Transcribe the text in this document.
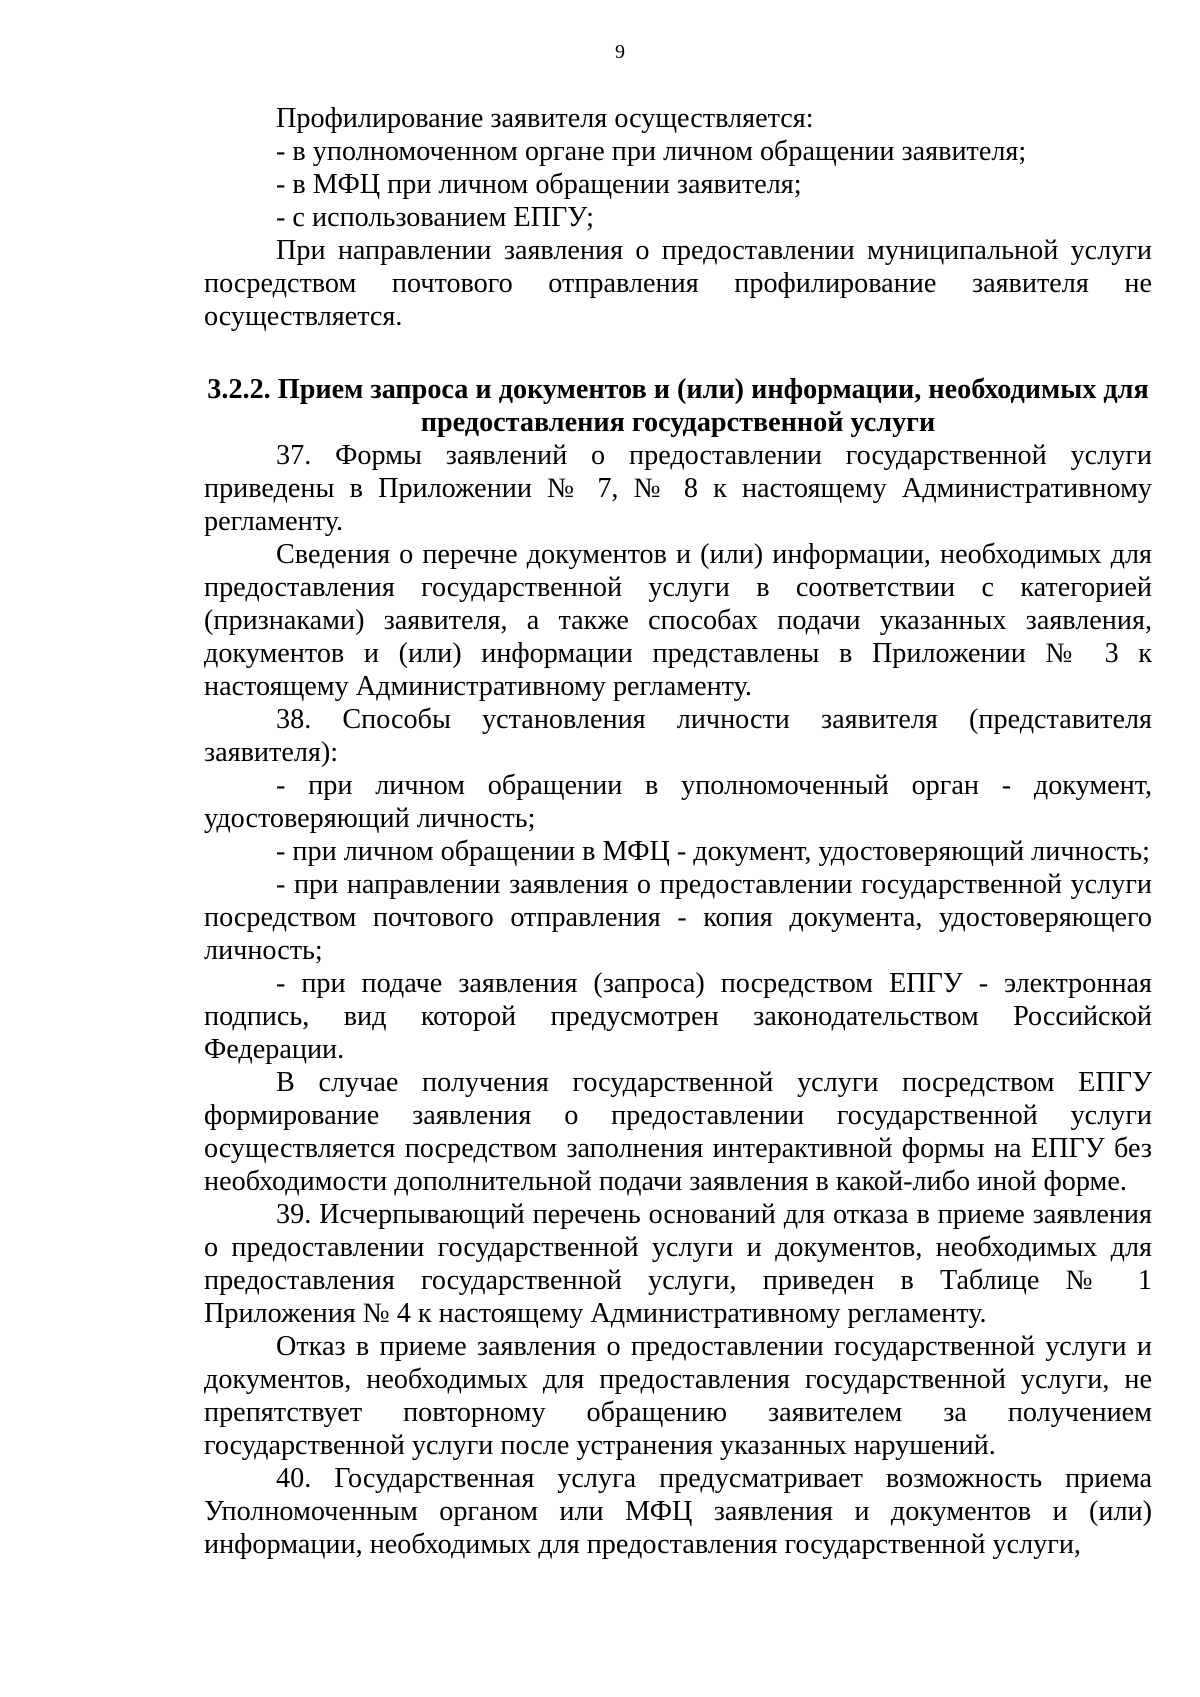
9

Профилирование заявителя осуществляется:

- в уполномоченном органе при личном обращении заявителя;

- в МФЦ при личном обращении заявителя;

- с использованием ЕПГУ;

При направлении заявления о предоставлении муниципальной услуги посредством почтового отправления профилирование заявителя не осуществляется.

3.2.2. Прием запроса и документов и (или) информации, необходимых для предоставления государственной услуги

37. Формы заявлений о предоставлении государственной услуги приведены в Приложении № 7, № 8 к настоящему Административному регламенту.

Сведения о перечне документов и (или) информации, необходимых для предоставления государственной услуги в соответствии с категорией (признаками) заявителя, а также способах подачи указанных заявления, документов и (или) информации представлены в Приложении № 3 к настоящему Административному регламенту.

38. Способы установления личности заявителя (представителя заявителя):

- при личном обращении в уполномоченный орган - документ, удостоверяющий личность;

- при личном обращении в МФЦ - документ, удостоверяющий личность;

- при направлении заявления о предоставлении государственной услуги посредством почтового отправления - копия документа, удостоверяющего личность;

- при подаче заявления (запроса) посредством ЕПГУ - электронная подпись, вид которой предусмотрен законодательством Российской Федерации.

В случае получения государственной услуги посредством ЕПГУ формирование заявления о предоставлении государственной услуги осуществляется посредством заполнения интерактивной формы на ЕПГУ без необходимости дополнительной подачи заявления в какой-либо иной форме.

39. Исчерпывающий перечень оснований для отказа в приеме заявления о предоставлении государственной услуги и документов, необходимых для предоставления государственной услуги, приведен в Таблице № 1 Приложения № 4 к настоящему Административному регламенту.

Отказ в приеме заявления о предоставлении государственной услуги и документов, необходимых для предоставления государственной услуги, не препятствует повторному обращению заявителем за получением государственной услуги после устранения указанных нарушений.

40. Государственная услуга предусматривает возможность приема Уполномоченным органом или МФЦ заявления и документов и (или) информации, необходимых для предоставления государственной услуги,
